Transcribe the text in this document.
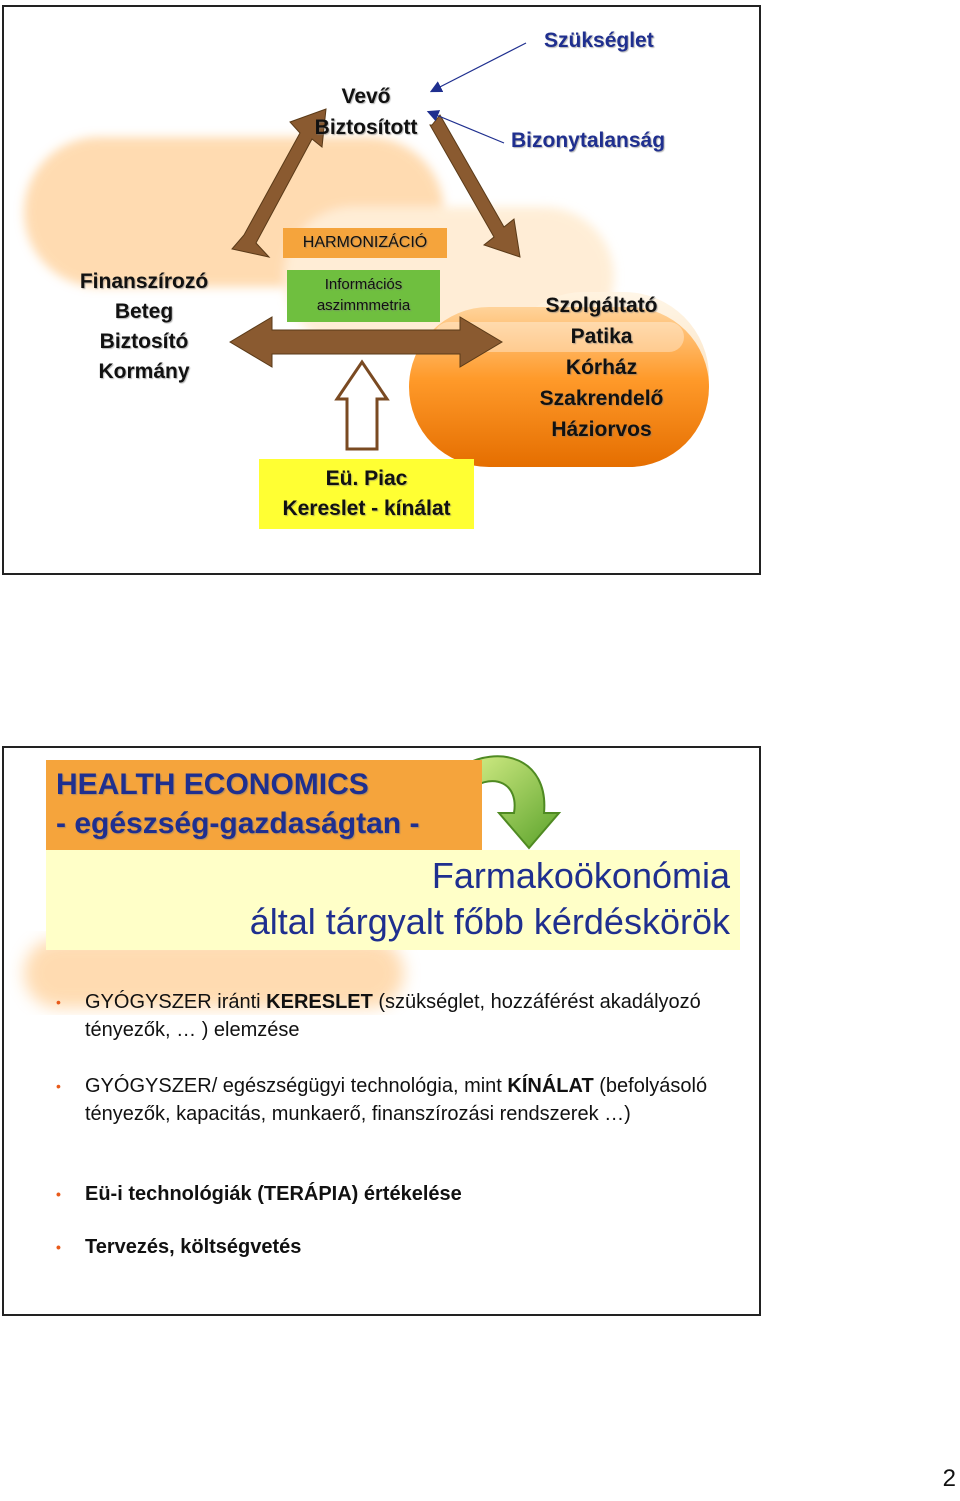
Szükséglet
Bizonytalanság
Vevő
Biztosított
HARMONIZÁCIÓ
Információs
aszimmmetria
Finanszírozó
Beteg
Biztosító
Kormány
Szolgáltató
Patika
Kórház
Szakrendelő
Háziorvos
Eü. Piac
Kereslet - kínálat
HEALTH ECONOMICS
- egészség-gazdaságtan -
Farmakoökonómia
által tárgyalt főbb kérdéskörök
• GYÓGYSZER iránti KERESLET (szükséglet, hozzáférést akadályozó tényezők, … ) elemzése
• GYÓGYSZER/ egészségügyi technológia, mint KÍNÁLAT (befolyásoló tényezők, kapacitás, munkaerő, finanszírozási rendszerek …)
• Eü-i technológiák (TERÁPIA) értékelése
• Tervezés, költségvetés
2
